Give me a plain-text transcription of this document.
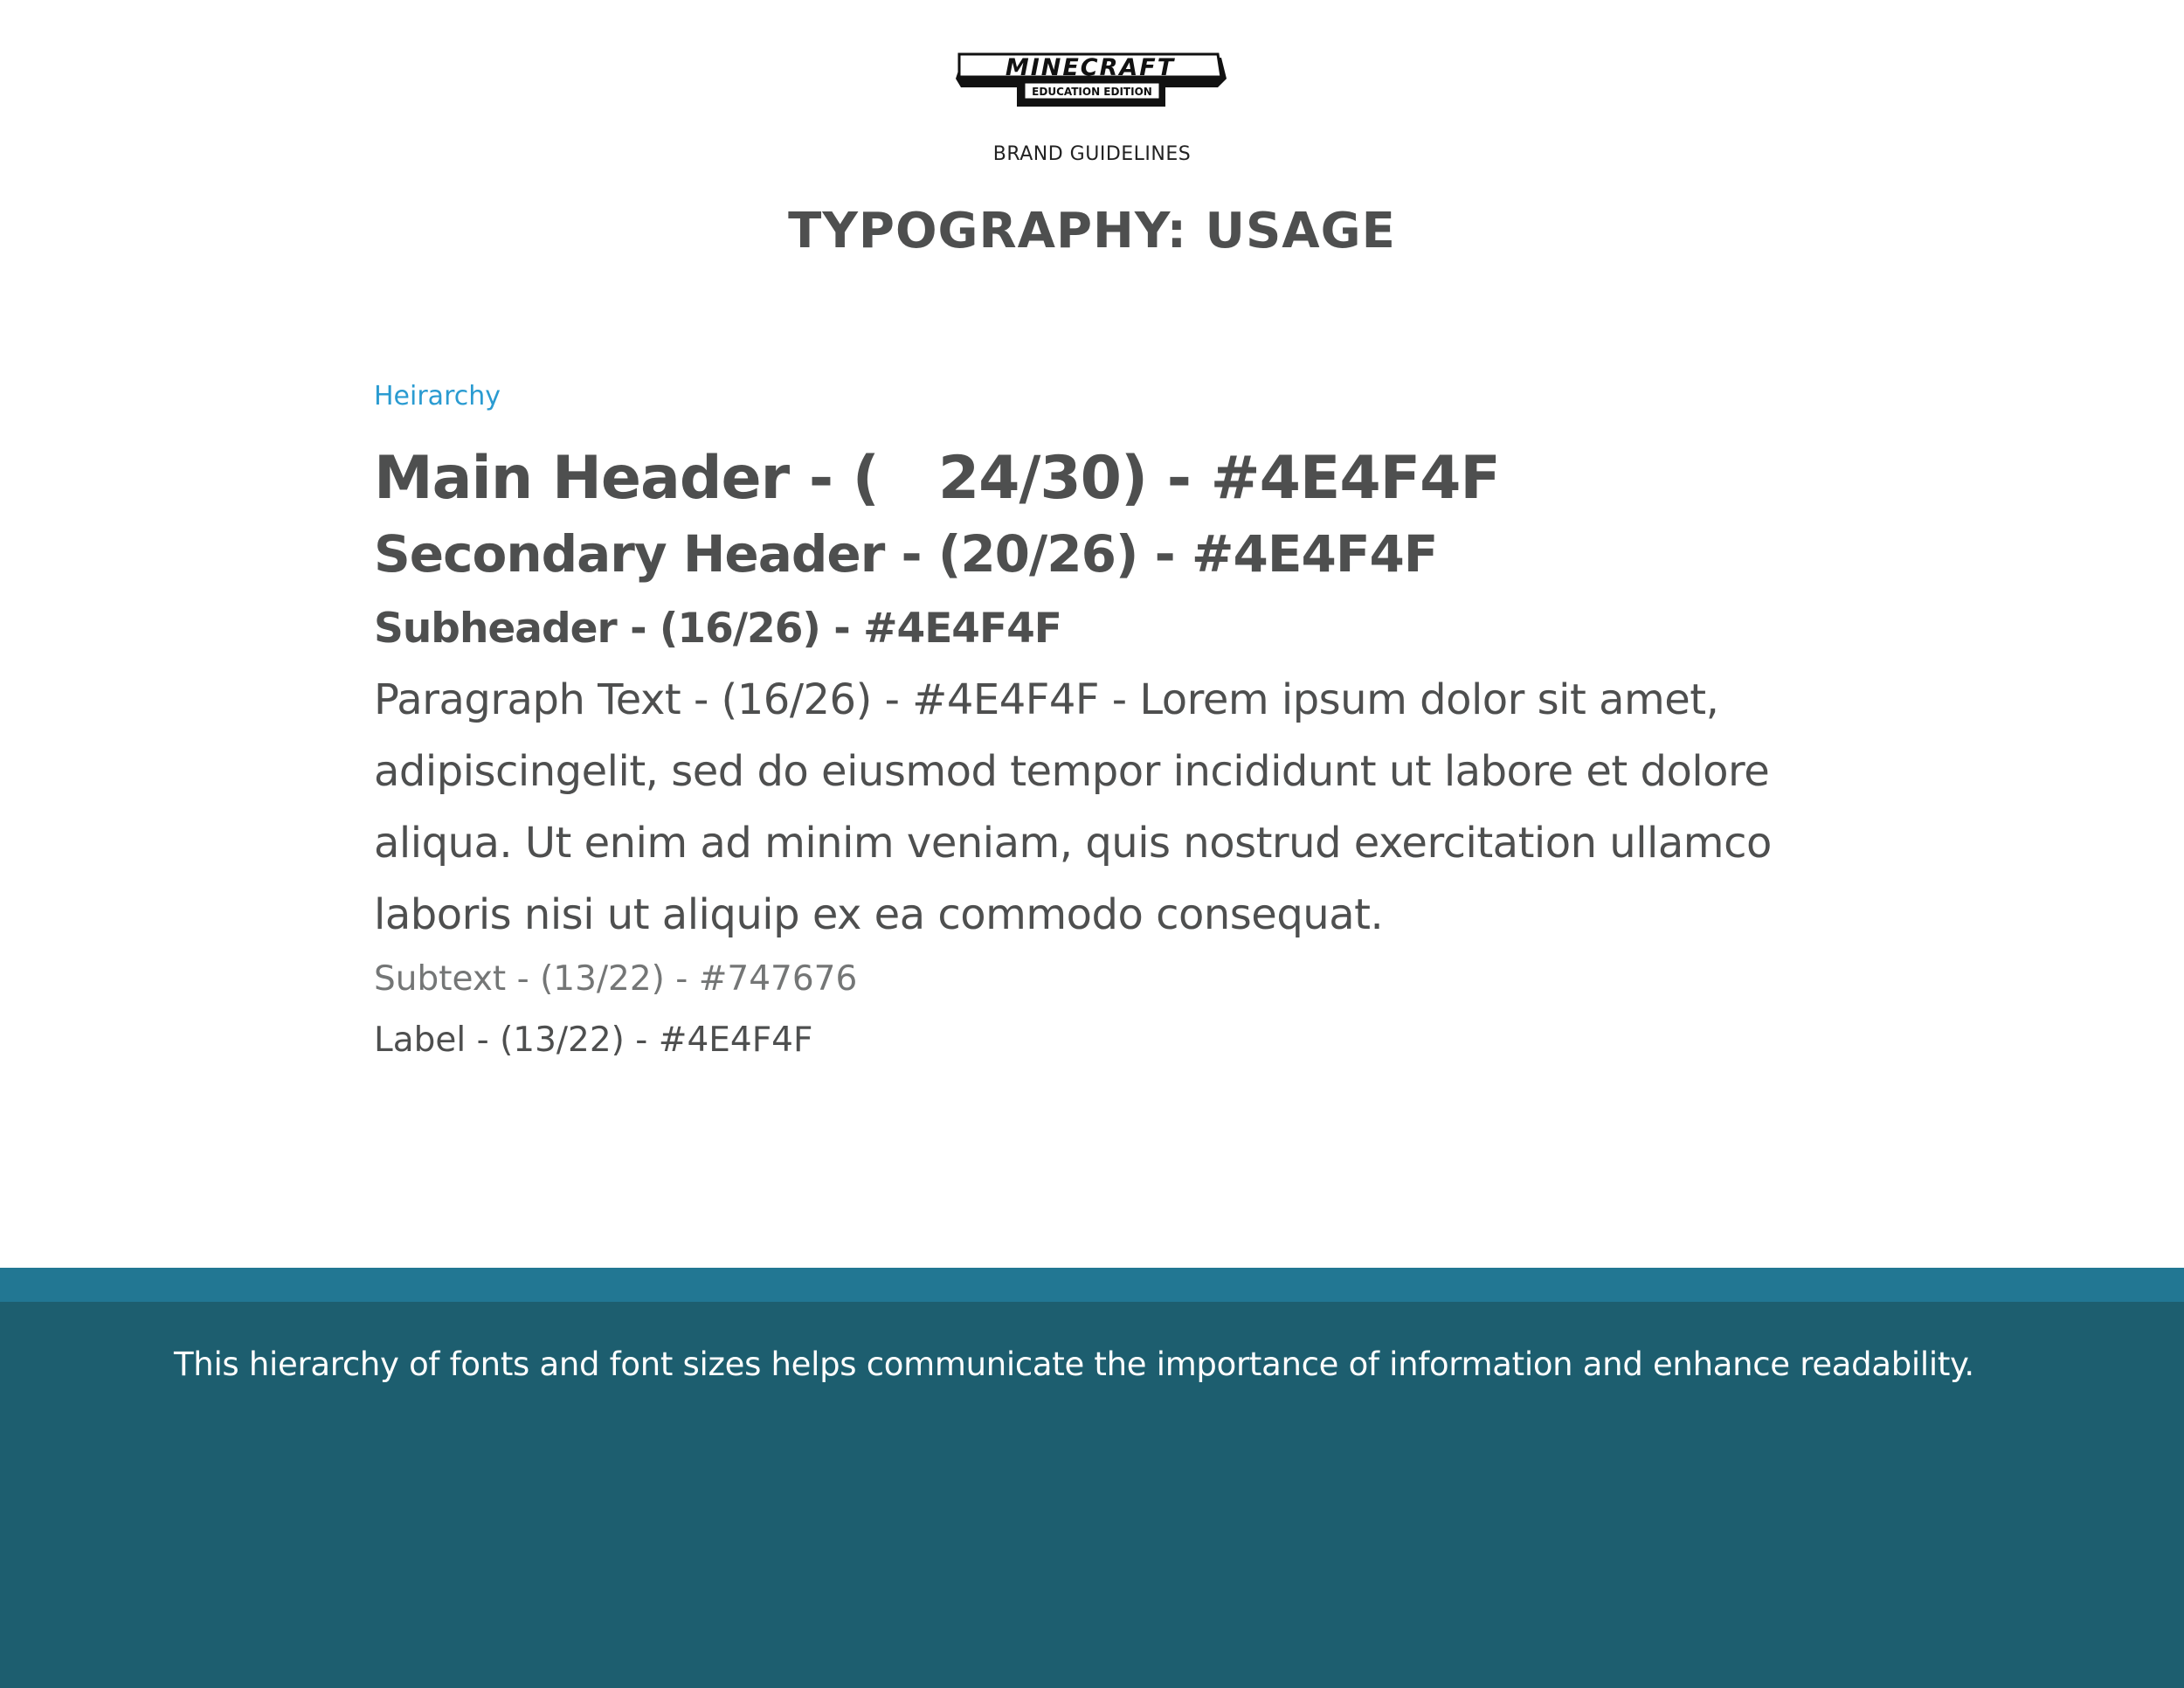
MINECRAFT
EDUCATION EDITION
BRAND GUIDELINES
TYPOGRAPHY: USAGE
Heirarchy
Main Header - (   24/30) - #4E4F4F
Secondary Header - (20/26) - #4E4F4F
Subheader - (16/26) - #4E4F4F
Paragraph Text - (16/26) - #4E4F4F - Lorem ipsum dolor sit amet, adipiscingelit, sed do eiusmod tempor incididunt ut labore et dolore aliqua. Ut enim ad minim veniam, quis nostrud exercitation ullamco laboris nisi ut aliquip ex ea commodo consequat.
Subtext - (13/22) - #747676
Label - (13/22) - #4E4F4F
This hierarchy of fonts and font sizes helps communicate the importance of information and enhance readability.
